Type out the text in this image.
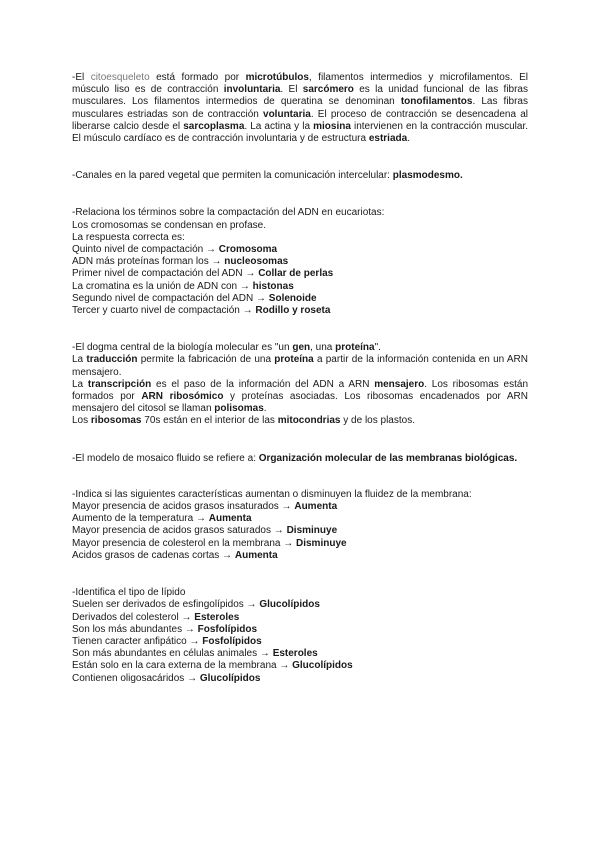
-El citoesqueleto está formado por microtúbulos, filamentos intermedios y microfilamentos. El músculo liso es de contracción involuntaria. El sarcómero es la unidad funcional de las fibras musculares. Los filamentos intermedios de queratina se denominan tonofilamentos. Las fibras musculares estriadas son de contracción voluntaria. El proceso de contracción se desencadena al liberarse calcio desde el sarcoplasma. La actina y la miosina intervienen en la contracción muscular. El músculo cardíaco es de contracción involuntaria y de estructura estriada.

-Canales en la pared vegetal que permiten la comunicación intercelular: plasmodesmo.

-Relaciona los términos sobre la compactación del ADN en eucariotas:

Los cromosomas se condensan en profase.

La respuesta correcta es:

Quinto nivel de compactación → Cromosoma

ADN más proteínas forman los → nucleosomas

Primer nivel de compactación del ADN → Collar de perlas

La cromatina es la unión de ADN con → histonas

Segundo nivel de compactación del ADN → Solenoide

Tercer y cuarto nivel de compactación → Rodillo y roseta

-El dogma central de la biología molecular es "un gen, una proteína".

La traducción permite la fabricación de una proteína a partir de la información contenida en un ARN mensajero.

La transcripción es el paso de la información del ADN a ARN mensajero. Los ribosomas están formados por ARN ribosómico y proteínas asociadas. Los ribosomas encadenados por ARN mensajero del citosol se llaman polisomas.

Los ribosomas 70s están en el interior de las mitocondrias y de los plastos.

-El modelo de mosaico fluido se refiere a: Organización molecular de las membranas biológicas.

-Indica si las siguientes características aumentan o disminuyen la fluidez de la membrana:

Mayor presencia de acidos grasos insaturados → Aumenta

Aumento de la temperatura → Aumenta

Mayor presencia de acidos grasos saturados → Disminuye

Mayor presencia de colesterol en la membrana → Disminuye

Acidos grasos de cadenas cortas → Aumenta

-Identifica el tipo de lípido

Suelen ser derivados de esfingolípidos → Glucolípidos

Derivados del colesterol → Esteroles

Son los más abundantes → Fosfolípidos

Tienen caracter anfipático → Fosfolípidos

Son más abundantes en células animales → Esteroles

Están solo en la cara externa de la membrana → Glucolípidos

Contienen oligosacáridos → Glucolípidos
